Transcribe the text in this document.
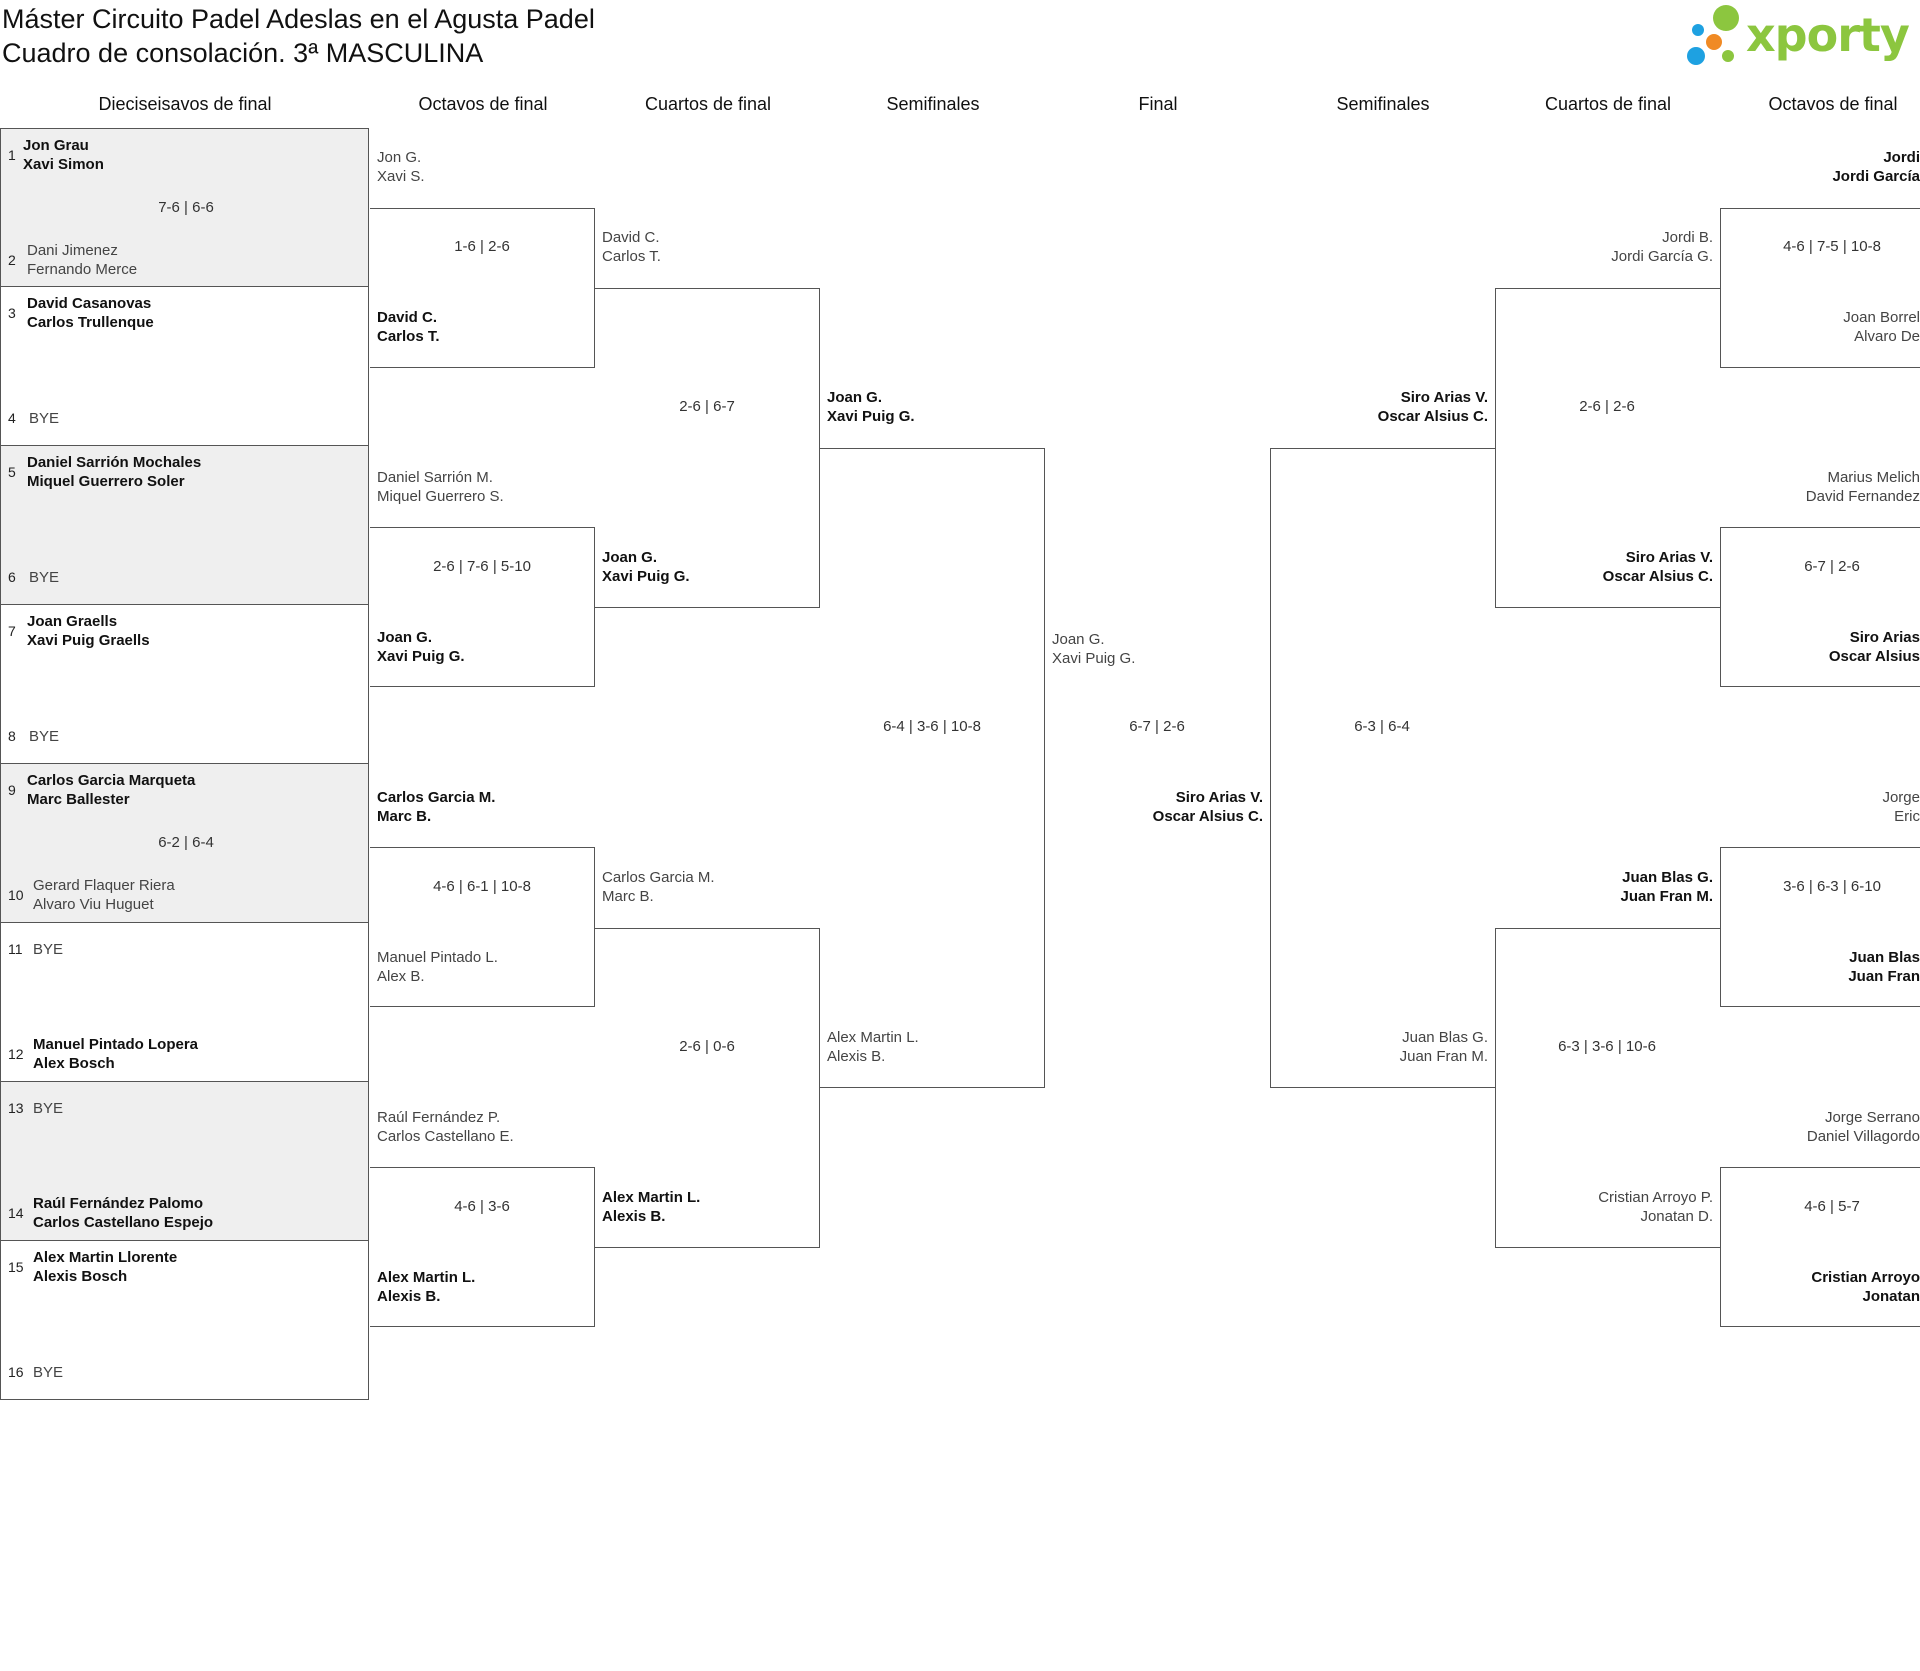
Máster Circuito Padel Adeslas en el Agusta Padel
Cuadro de consolación. 3ª MASCULINA	xporty
Dieciseisavos de final	Octavos de final	Cuartos de final	Semifinales	Final	Semifinales	Cuartos de final	Octavos de final
1
Jon Grau
Xavi Simon
7-6 | 6-6
2
Dani Jimenez
Fernando Merce
3
David Casanovas
Carlos Trullenque
4 BYE
5
Daniel Sarrión Mochales
Miquel Guerrero Soler
6 BYE
7
Joan Graells
Xavi Puig Graells
8 BYE
9
Carlos Garcia Marqueta
Marc Ballester
6-2 | 6-4
10
Gerard Flaquer Riera
Alvaro Viu Huguet
11 BYE
12
Manuel Pintado Lopera
Alex Bosch
13 BYE
14
Raúl Fernández Palomo
Carlos Castellano Espejo
15
Alex Martin Llorente
Alexis Bosch
16 BYE
Jon G.
Xavi S.
1-6 | 2-6
David C.
Carlos T.
Daniel Sarrión M.
Miquel Guerrero S.
2-6 | 7-6 | 5-10
Joan G.
Xavi Puig G.
Carlos Garcia M.
Marc B.
4-6 | 6-1 | 10-8
Manuel Pintado L.
Alex B.
Raúl Fernández P.
Carlos Castellano E.
4-6 | 3-6
Alex Martin L.
Alexis B.
David C.
Carlos T.
2-6 | 6-7
Joan G.
Xavi Puig G.
Carlos Garcia M.
Marc B.
2-6 | 0-6
Alex Martin L.
Alexis B.
Joan G.
Xavi Puig G.
6-4 | 3-6 | 10-8
Alex Martin L.
Alexis B.
Joan G.
Xavi Puig G.
6-7 | 2-6
Siro Arias V.
Oscar Alsius C.
Siro Arias V.
Oscar Alsius C.
6-3 | 6-4
Juan Blas G.
Juan Fran M.
Jordi B.
Jordi García G.
2-6 | 2-6
Siro Arias V.
Oscar Alsius C.
Juan Blas G.
Juan Fran M.
6-3 | 3-6 | 10-6
Cristian Arroyo P.
Jonatan D.
Jordi
Jordi García
4-6 | 7-5 | 10-8
Joan Borrel
Alvaro De
Marius Melich
David Fernandez
6-7 | 2-6
Siro Arias
Oscar Alsius
Jorge
Eric
3-6 | 6-3 | 6-10
Juan Blas
Juan Fran
Jorge Serrano
Daniel Villagordo
4-6 | 5-7
Cristian Arroyo
Jonatan
